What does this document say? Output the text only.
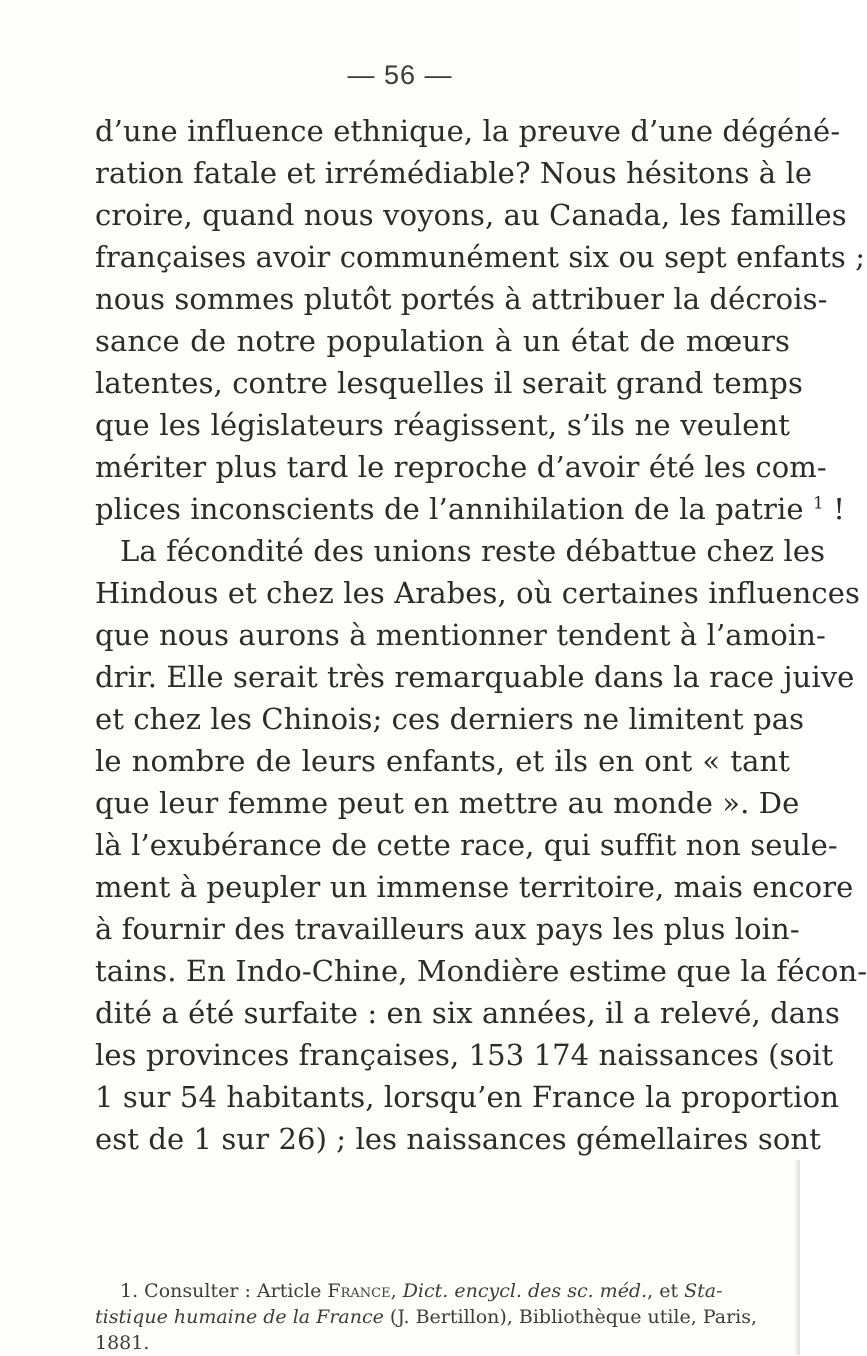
— 56 —
d’une influence ethnique, la preuve d’une dégéné-
ration fatale et irrémédiable? Nous hésitons à le
croire, quand nous voyons, au Canada, les familles
françaises avoir communément six ou sept enfants ;
nous sommes plutôt portés à attribuer la décrois-
sance de notre population à un état de mœurs
latentes, contre lesquelles il serait grand temps
que les législateurs réagissent, s’ils ne veulent
mériter plus tard le reproche d’avoir été les com-
plices inconscients de l’annihilation de la patrie $^1$ !
La fécondité des unions reste débattue chez les
Hindous et chez les Arabes, où certaines influences
que nous aurons à mentionner tendent à l’amoin-
drir. Elle serait très remarquable dans la race juive
et chez les Chinois; ces derniers ne limitent pas
le nombre de leurs enfants, et ils en ont « tant
que leur femme peut en mettre au monde ». De
là l’exubérance de cette race, qui suffit non seule-
ment à peupler un immense territoire, mais encore
à fournir des travailleurs aux pays les plus loin-
tains. En Indo-Chine, Mondière estime que la fécon-
dité a été surfaite : en six années, il a relevé, dans
les provinces françaises, 153 174 naissances (soit
1 sur 54 habitants, lorsqu’en France la proportion
est de 1 sur 26) ; les naissances gémellaires sont
1. Consulter : Article France, Dict. encycl. des sc. méd., et Sta-
tistique humaine de la France (J. Bertillon), Bibliothèque utile, Paris,
1881.
